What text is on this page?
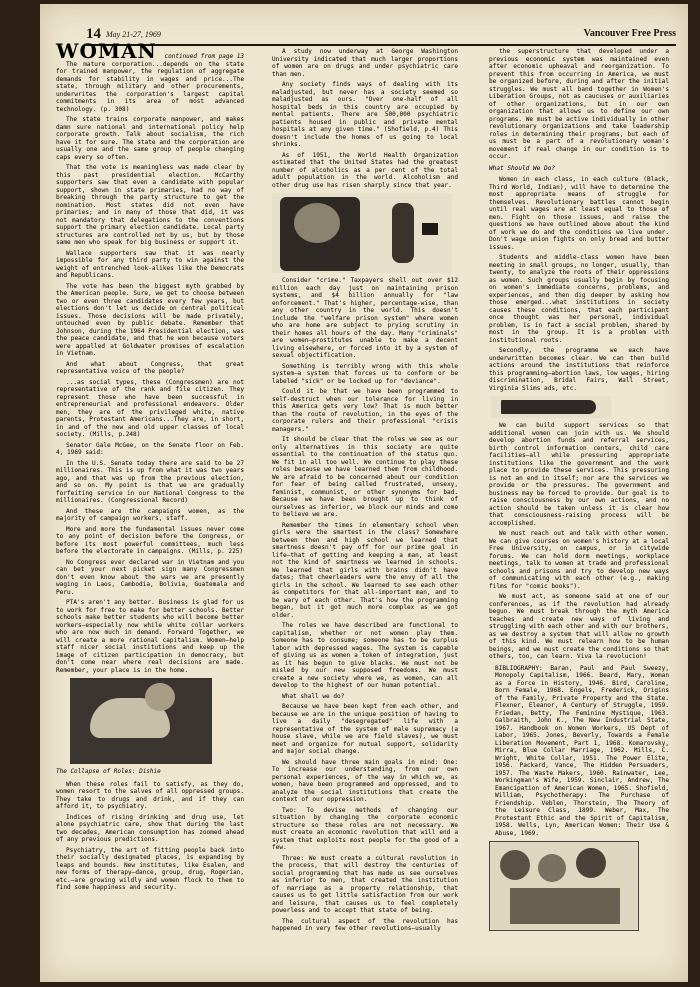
14 May 21-27, 1969	Vancouver Free Press
WOMAN continued from page 13

The mature corporation...depends on the state for trained manpower, the regulation of aggregate demands for stability in wages and price...The state, through military and other procurements, underwrites the corporation's largest capital commitments in its area of most advanced technology. (p. 308)

The state trains corporate manpower, and makes damn sure national and international policy help corporate growth. Talk about socialism, the rich have it for sure. The state and the corporation are usually one and the same group of people changing caps every so often.

That the vote is meaningless was made clear by this past presidential election. McCarthy supporters saw that even a candidate with popular support, shown in state primaries, had no way of breaking through the party structure to get the nomination. Most states did not even have primaries; and in many of those that did, it was not mandatory that delegations to the conventions support the primary election candidate. Local party structures are controlled not by us, but by those same men who speak for big business or support it.

Wallace supporters saw that it was nearly impossible for any third party to win against the weight of entrenched look-alikes like the Democrats and Republicans.

The vote has been the biggest myth grabbed by the American people. Sure, we get to choose between two or even three candidates every few years, but elections don't let us decide on central political issues. Those decisions will be made privately, untouched even by public debate. Remember that Johnson, during the 1964 Presidential election, was the peace candidate, and that he won because voters were appalled at Goldwater promises of escalation in Vietnam.

And what about Congress, that great representative voice of the people?

...as social types, these (Congressmen) are not representative of the rank and file citizen. They represent those who have been successful in entrepreneurial and professional endeavors. Older men, they are of the privileged white, native parents, Protestant Americans...They are, in short, in and of the new and old upper classes of local society. (Mills, p.248)

Senator Gale McGee, on the Senate floor on Feb. 4, 1969 said:

In the U.S. Senate today there are said to be 27 millionaires. This is up from what it was two years ago, and that was up from the previous election, and so on. My point is that we are gradually forfeiting service in our National Congress to the millionaires. (Congressional Record)

And these are the campaigns women, as the majority of campaign workers, staff.

More and more the fundamental issues never come to any point of decision before the Congress, or before its most powerful committees, much less before the electorate in campaigns. (Mills, p. 225)

No Congress ever declared war in Vietnam and you can bet your next picket sign many Congressmen don't even know about the wars we are presently waging in Laos, Cambodia, Bolivia, Guatemala and Peru.

PTA's aren't any better. Business is glad for us to work for free to make for better schools. Better schools make better students who will become better workers—especially now while white collar workers who are now much in demand. Forward Together, we will create a more rational capitalism. Women—help staff nicer social institutions and keep up the image of citizen participation in democracy, but don't come near where real decisions are made. Remember, your place is in the home.

The Collapse of Roles: Dishie

When these roles fail to satisfy, as they do, women resort to the salves of all oppressed groups. They take to drugs and drink, and if they can afford it, to psychiatry.

Indices of rising drinking and drug use, let alone psychiatric care, show that during the last two decades, American consumption has zoomed ahead of any previous predictions.

Psychiatry, the art of fitting people back into their socially designated places, is expanding by leaps and bounds. New institutes, like Esalen, and new forms of therapy—dance, group, drug, Rogerian, etc.—are growing wildly and women flock to them to find some happiness and security.

A study now underway at George Washington University indicated that much larger proportions of women are on drugs and under psychiatric care than men.

Any society finds ways of dealing with its maladjusted, but never has a society seemed so maladjusted as ours. "Over one-half of all hospital beds in this country are occupied by mental patients. There are 500,000 psychiatric patients housed in public and private mental hospitals at any given time." (Shofield, p.4) This doesn't include the homes of us going to local shrinks.

As of 1951, the World Health Organization estimated that the United States had the greatest number of alcoholics as a per cent of the total adult population in the world. Alcoholism and other drug use has risen sharply since that year.

Consider "crime." Taxpayers shell out over $12 million each day just on maintaining prison systems, and $4 billion annually for "law enforcement." That's higher, percentage-wise, than any other country in the world. This doesn't include the "welfare prison system" where women who are home are subject to prying scrutiny in their homes all hours of the day. Many "criminals" are women—prostitutes unable to make a decent living elsewhere, or forced into it by a system of sexual objectification.

Something is terribly wrong with this whole system—a system that forces us to conform or be labeled "sick" or be locked up for "deviance".

Could it be that we have been programmed to self-destruct when our tolerance for living in this America gets very low? That is much better than the route of revolution, in the eyes of the corporate rulers and their professional "crisis managers."

It should be clear that the roles we see as our only alternatives in this society are quite essential to the continuation of the status quo. We fit in all too well. We continue to play these roles because we have learned them from childhood. We are afraid to be concerned about our condition for fear of being called frustrated, unsexy, feminist, communist, or other synonyms for bad. Because we have been brought up to think of ourselves as inferior, we block our minds and come to believe we are.

Remember the times in elementary school when girls were the smartest in the class? Somewhere between then and high school we learned that smartness doesn't pay off for our prime goal in life—that of getting and keeping a man, at least not the kind of smartness we learned in schools. We learned that girls with brains didn't have dates; that cheerleaders were the envy of all the girls in the school. We learned to see each other as competitors for that all-important man, and to be wary of each other. That's how the programming began, but it got much more complex as we got older.

The roles we have described are functional to capitalism, whether or not women play them. Someone has to consume; someone has to be surplus labor with depressed wages. The system is capable of giving us as women a token of integration, just as it has begun to give blacks. We must not be misled by our new supposed freedoms. We must create a new society where we, as women, can all develop to the highest of our human potential.

What shall we do?

Because we have been kept from each other, and because we are in the unique position of having to live a daily "desegregated" life with a representative of the system of male supremacy (a house slave, while we are field slaves), we must meet and organize for mutual support, solidarity and major social change.

We should have three main goals in mind: One: To increase our understanding, from our own personal experiences, of the way in which we, as women, have been programmed and oppressed, and to analyze the social institutions that create the context of our oppression.

Two: To devise methods of changing our situation by changing the corporate economic structure so these roles are not necessary. We must create an economic revolution that will end a system that exploits most people for the good of a few.

Three: We must create a cultural revolution in the process, that will destroy the centuries of social programming that has made us see ourselves as inferior to men, that created the institution of marriage as a property relationship, that causes us to get little satisfaction from our work and leisure, that causes us to feel completely powerless and to accept that state of being.

The cultural aspect of the revolution has happened in very few other revolutions—usually

the superstructure that developed under a previous economic system was maintained even after economic upheaval and reorganization. To prevent this from occurring in America, we must be organized before, during and after the initial struggles. We must all band together in Women's Liberation Groups, not as caucuses or auxiliaries of other organizations, but in our own organization that allows us to define our own programs. We must be active individually in other revolutionary organizations and take leadership roles in determining their programs, but each of us must be a part of a revolutionary woman's movement if real change in our condition is to occur.

What Should We Do?

Women in each class, in each culture (Black, Third World, Indian), will have to determine the most appropriate means of struggle for themselves. Revolutionary battles cannot begin until real wages are at least equal to those of men. Fight on those issues, and raise the questions we have outlined above about the kind of work we do and the conditions we live under. Don't wage union fights on only bread and butter issues.

Students and middle-class women have been meeting in small groups, no longer, usually, than twenty, to analyze the roots of their oppressions as women. Such groups usually begin by focusing on women's immediate concerns, problems, and experiences, and then dig deeper by asking how those emerged...what institutions in society causes these conditions, that each participant once thought was her personal, individual problem, is in fact a social problem, shared by most in the group. It is a problem with institutional roots.

Secondly, the programme we each have underwritten becomes clear. We can then build actions around the institutions that reinforce this programming—abortion laws, low wages, hiring discrimination, Bridal Fairs, Wall Street, Virginia Slims ads, etc.

We can build support services so that additional women can join with us. We should develop abortion funds and referral services, birth control information centers, child care facilities—all while pressuring appropriate institutions like the government and the work place to provide these services. This pressuring is not an end in itself; nor are the services we provide or the pressures. The government and business may be forced to provide. Our goal is to raise consciousness by our own actions, and no action should be taken unless it is clear how that consciousness-raising process will be accomplished.

We must reach out and talk with other women. We can give courses on women's history at a local Free University, on campus, or in citywide forums. We can hold dorm meetings, workplace meetings, talk to women at trade and professional schools and prisons and try to develop new ways of communicating with each other (e.g., making films for "comic books").

We must act, as someone said at one of our conferences, as if the revolution had already begun. We must break through the myth America teaches and create new ways of living and struggling with each other and with our brothers, as we destroy a system that will allow no growth of this kind. We must relearn how to be human beings, and we must create the conditions so that others, too, can learn. Viva la revolucion!

BIBLIOGRAPHY: Baran, Paul and Paul Sweezy, Monopoly Capitalism, 1966. Beard, Mary, Woman as a Force in History, 1946. Bird, Caroline, Born Female, 1968. Engels, Frederick, Origins of the Family, Private Property and the State. Flexner, Eleanor, A Century of Struggle, 1959. Friedan, Betty, The Feminine Mystique, 1963. Galbraith, John K., The New Industrial State, 1967. Handbook on Women Workers, US Dept of Labor, 1965. Jones, Beverly, Towards a Female Liberation Movement, Part 1, 1968. Komarovsky, Mirra, Blue Collar Marriage, 1962. Mills, C. Wright, White Collar, 1951. The Power Elite, 1956. Packard, Vance, The Hidden Persuaders, 1957. The Waste Makers, 1960. Rainwater, Lee, Workingman's Wife, 1959. Sinclair, Andrew, The Emancipation of American Women, 1965. Shofield, William, Psychotherapy: The Purchase of Friendship. Veblen, Thorstein, The Theory of the Leisure Class, 1899. Weber, Max, The Protestant Ethic and the Spirit of Capitalism, 1958. Wells, Lyn, American Women: Their Use & Abuse, 1969.
